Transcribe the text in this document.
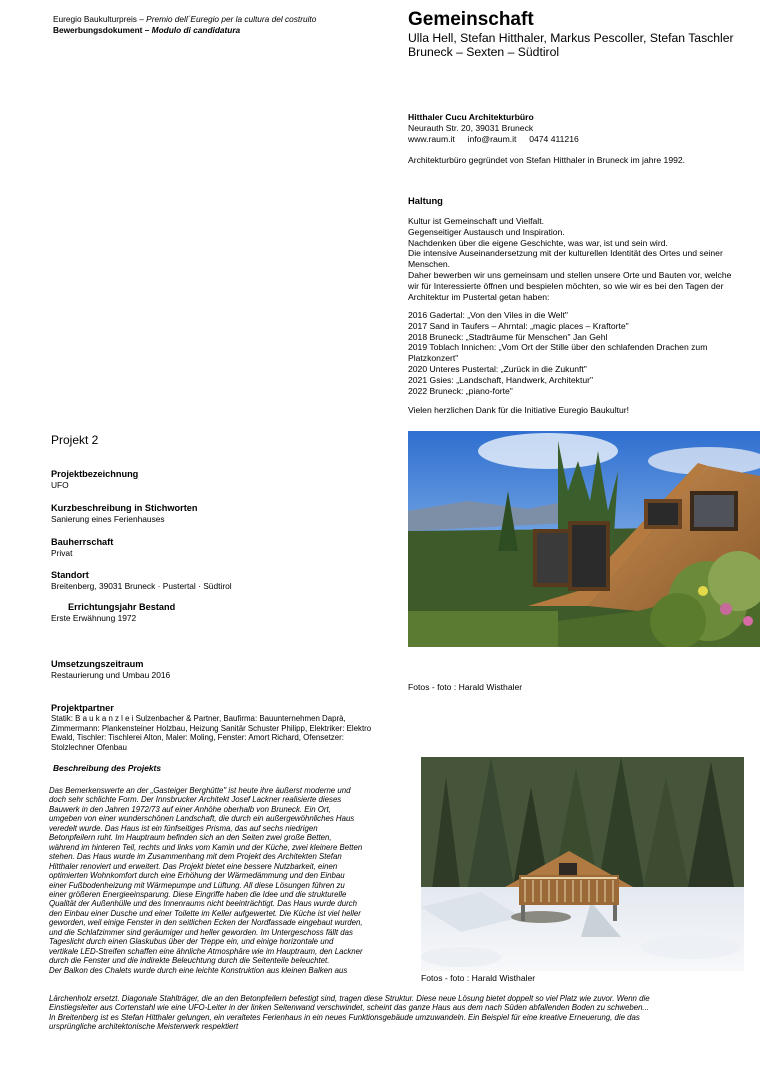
Euregio Baukulturpreis – Premio dell´Euregio per la cultura del costruito
Bewerbungsdokument – Modulo di candidatura	Gemeinschaft
Ulla Hell, Stefan Hitthaler, Markus Pescoller, Stefan Taschler
Bruneck – Sexten – Südtirol
Hitthaler Cucu Architekturbüro
Neurauth Str. 20, 39031 Bruneck
www.raum.it info@raum.it 0474 411216
Architekturbüro gegründet von Stefan Hitthaler in Bruneck im jahre 1992.
Haltung
Kultur ist Gemeinschaft und Vielfalt.
Gegenseitiger Austausch und Inspiration.
Nachdenken über die eigene Geschichte, was war, ist und sein wird.
Die intensive Auseinandersetzung mit der kulturellen Identität des Ortes und seiner
Menschen.
Daher bewerben wir uns gemeinsam und stellen unsere Orte und Bauten vor, welche
wir für Interessierte öffnen und bespielen möchten, so wie wir es bei den Tagen der
Architektur im Pustertal getan haben:
2016 Gadertal: „Von den Viles in die Welt"
2017 Sand in Taufers – Ahrntal: „magic places – Kraftorte"
2018 Bruneck: „Stadträume für Menschen" Jan Gehl
2019 Toblach Innichen: „Vom Ort der Stille über den schlafenden Drachen zum
Platzkonzert"
2020 Unteres Pustertal: „Zurück in die Zukunft"
2021 Gsies: „Landschaft, Handwerk, Architektur"
2022 Bruneck: „piano-forte"
Vielen herzlichen Dank für die Initiative Euregio Baukultur!
Projekt 2
Projektbezeichnung
UFO
Kurzbeschreibung in Stichworten
Sanierung eines Ferienhauses
Bauherrschaft
Privat
Standort
Breitenberg, 39031 Bruneck · Pustertal · Südtirol
Errichtungsjahr Bestand
Erste Erwähnung 1972
Umsetzungszeitraum
Restaurierung und Umbau 2016
Projektpartner
Statik: B a u k a n z l e i Sulzenbacher & Partner, Baufirma: Bauunternehmen Daprà,
Zimmermann: Plankensteiner Holzbau, Heizung Sanitär Schuster Philipp, Elektriker: Elektro
Ewald, Tischler: Tischlerei Alton, Maler: Moling, Fenster: Amort Richard, Ofensetzer:
Stolzlechner Ofenbau
Beschreibung des Projekts
Das Bemerkenswerte an der „Gasteiger Berghütte" ist heute ihre äußerst moderne und
doch sehr schlichte Form. Der Innsbrucker Architekt Josef Lackner realisierte dieses
Bauwerk in den Jahren 1972/73 auf einer Anhöhe oberhalb von Bruneck. Ein Ort,
umgeben von einer wunderschönen Landschaft, die durch ein außergewöhnliches Haus
veredelt wurde. Das Haus ist ein fünfseitiges Prisma, das auf sechs niedrigen
Betonpfeilern ruht. Im Hauptraum befinden sich an den Seiten zwei große Betten,
während im hinteren Teil, rechts und links vom Kamin und der Küche, zwei kleinere Betten
stehen. Das Haus wurde im Zusammenhang mit dem Projekt des Architekten Stefan
Hitthaler renoviert und erweitert. Das Projekt bietet eine bessere Nutzbarkeit, einen
optimierten Wohnkomfort durch eine Erhöhung der Wärmedämmung und den Einbau
einer Fußbodenheizung mit Wärmepumpe und Lüftung. All diese Lösungen führen zu
einer größeren Energieeinsparung. Diese Eingriffe haben die Idee und die strukturelle
Qualität der Außenhülle und des Innenraums nicht beeinträchtigt. Das Haus wurde durch
den Einbau einer Dusche und einer Toilette im Keller aufgewertet. Die Küche ist viel heller
geworden, weil einige Fenster in den seitlichen Ecken der Nordfassade eingebaut wurden,
und die Schlafzimmer sind geräumiger und heller geworden. Im Untergeschoss fällt das
Tageslicht durch einen Glaskubus über der Treppe ein, und einige horizontale und
vertikale LED-Streifen schaffen eine ähnliche Atmosphäre wie im Hauptraum, den Lackner
durch die Fenster und die indirekte Beleuchtung durch die Seitenteile beleuchtet.
Der Balkon des Chalets wurde durch eine leichte Konstruktion aus kleinen Balken aus
Lärchenholz ersetzt. Diagonale Stahlträger, die an den Betonpfeilern befestigt sind, tragen diese Struktur. Diese neue Lösung bietet doppelt so viel Platz wie zuvor. Wenn die
Einstiegsleiter aus Cortenstahl wie eine UFO-Leiter in der linken Seitenwand verschwindet, scheint das ganze Haus aus dem nach Süden abfallenden Boden zu schweben...
In Breitenberg ist es Stefan Hitthaler gelungen, ein veraltetes Ferienhaus in ein neues Funktionsgebäude umzuwandeln. Ein Beispiel für eine kreative Erneuerung, die das
ursprüngliche architektonische Meisterwerk respektiert
Fotos - foto : Harald Wisthaler
Fotos - foto : Harald Wisthaler
